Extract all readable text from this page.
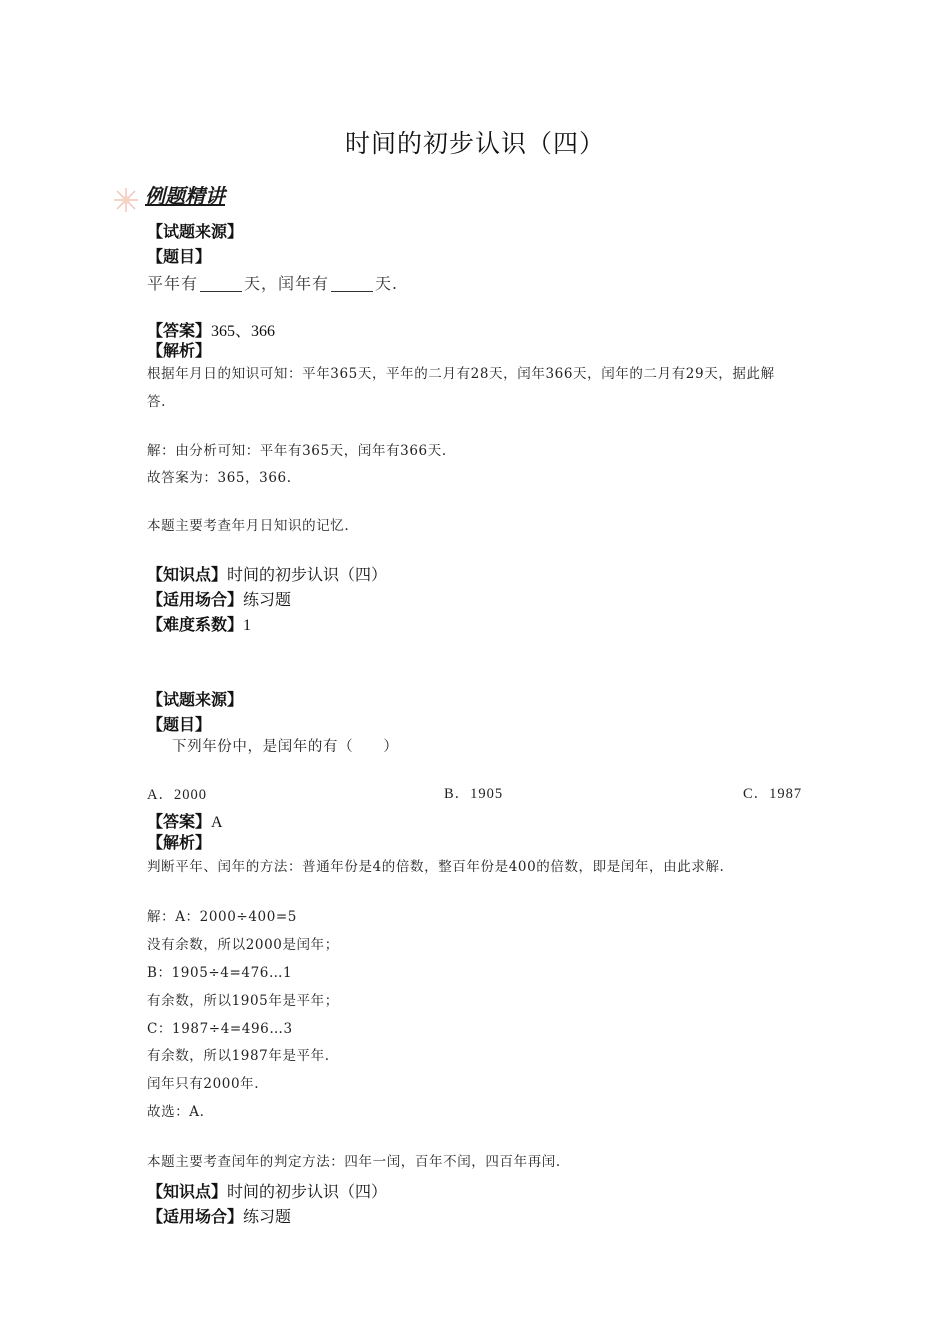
时间的初步认识（四）
例题精讲
【试题来源】
【题目】
平年有	天，闰年有	天.
【答案】365、366
【解析】
根据年月日的知识可知：平年365天，平年的二月有28天，闰年366天，闰年的二月有29天，据此解
答.
解：由分析可知：平年有365天，闰年有366天.
故答案为：365，366.
本题主要考查年月日知识的记忆.
【知识点】时间的初步认识（四）
【适用场合】练习题
【难度系数】1
【试题来源】
【题目】
下列年份中，是闰年的有（　　）
A．2000	B．1905	C．1987
【答案】A
【解析】
判断平年、闰年的方法：普通年份是4的倍数，整百年份是400的倍数，即是闰年，由此求解.
解：A：2000÷400=5
没有余数，所以2000是闰年；
B：1905÷4=476…1
有余数，所以1905年是平年；
C：1987÷4=496…3
有余数，所以1987年是平年.
闰年只有2000年.
故选：A.
本题主要考查闰年的判定方法：四年一闰，百年不闰，四百年再闰.
【知识点】时间的初步认识（四）
【适用场合】练习题
